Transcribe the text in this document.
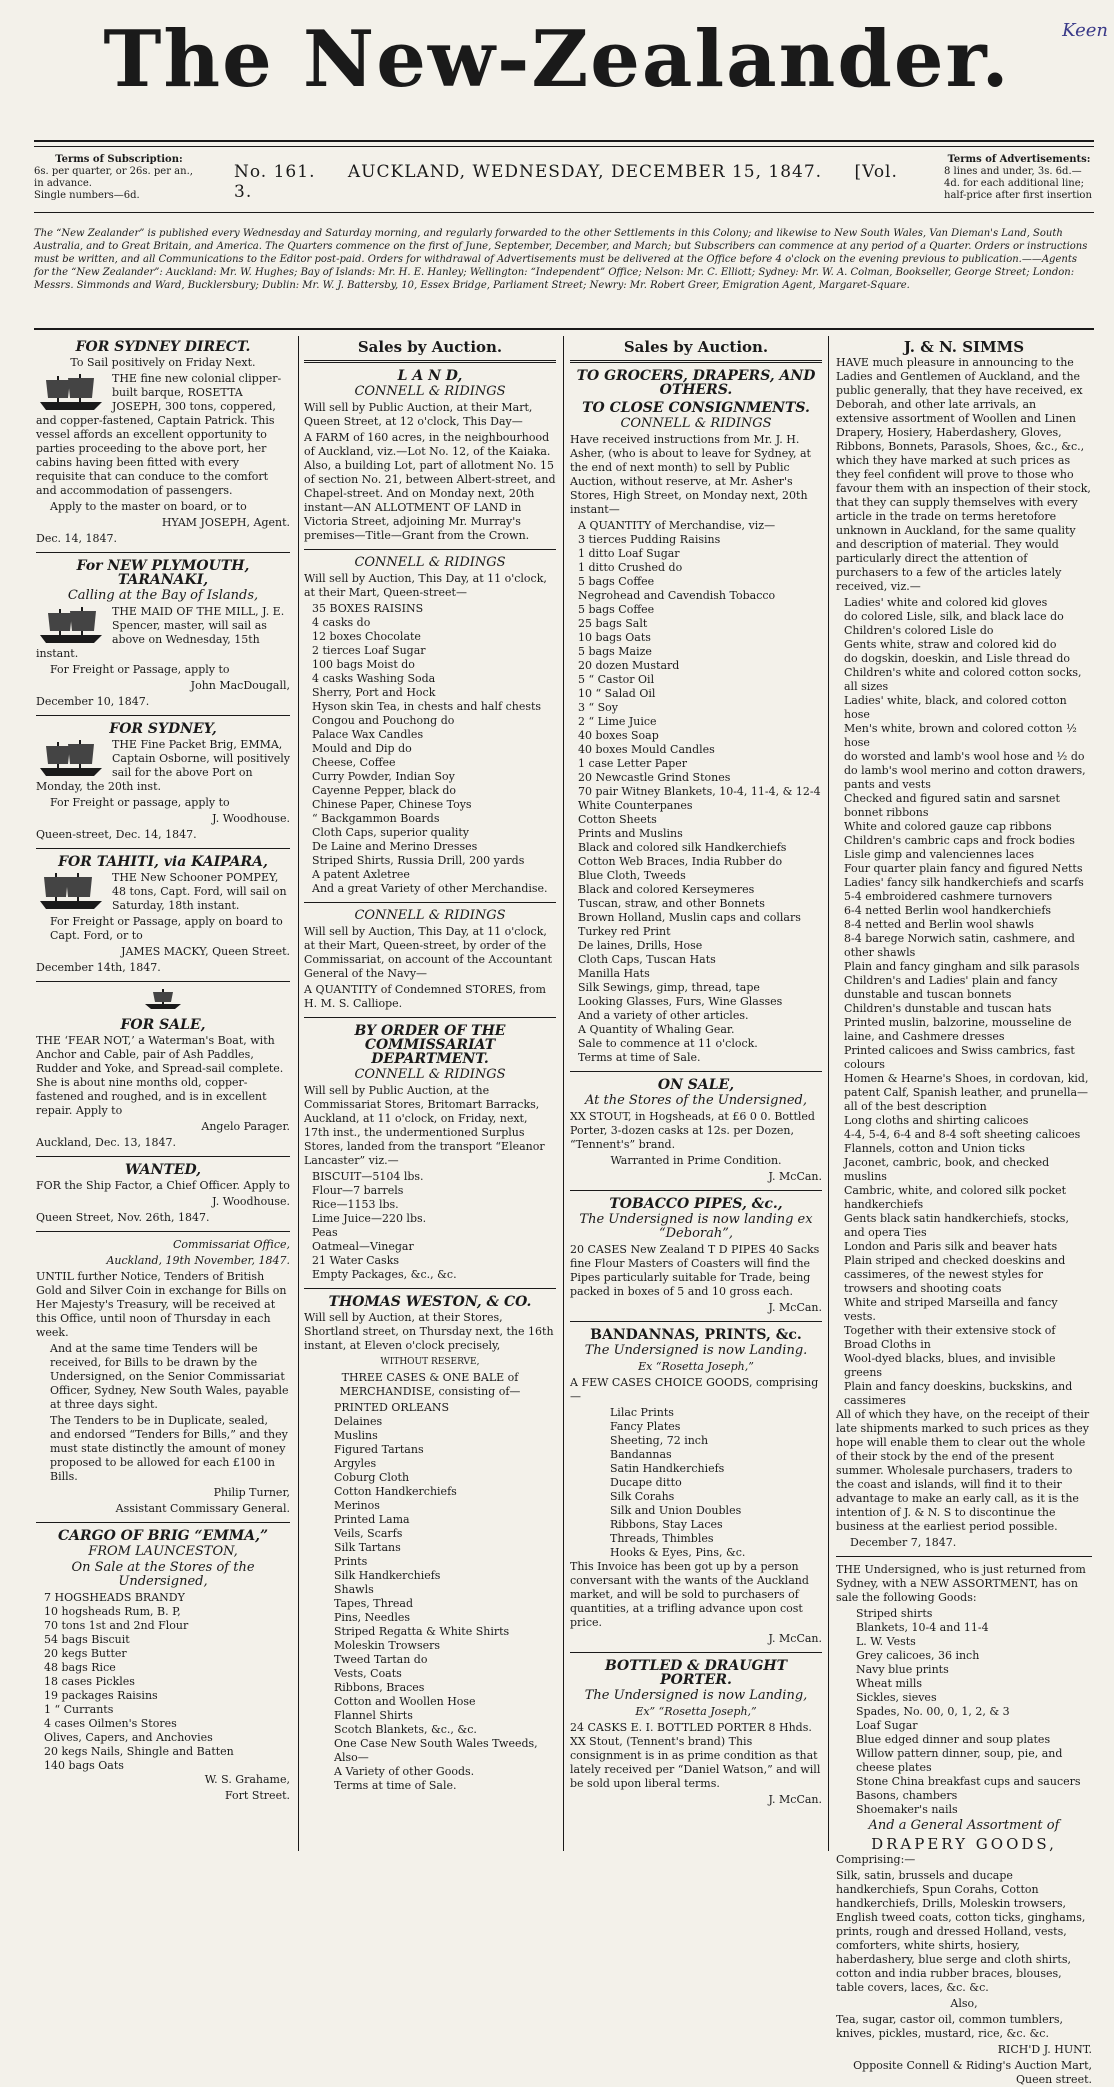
The New-Zealander.	Keen
Terms of Subscription:
6s. per quarter, or 26s. per an., in advance.
Single numbers—6d.
No. 161. AUCKLAND, WEDNESDAY, DECEMBER 15, 1847. [Vol. 3.
Terms of Advertisements:
8 lines and under, 3s. 6d.—4d. for each additional line; half-price after first insertion
The “New Zealander” is published every Wednesday and Saturday morning, and regularly forwarded to the other Settlements in this Colony; and likewise to New South Wales, Van Dieman's Land, South Australia, and to Great Britain, and America. The Quarters commence on the first of June, September, December, and March; but Subscribers can commence at any period of a Quarter. Orders or instructions must be written, and all Communications to the Editor post-paid. Orders for withdrawal of Advertisements must be delivered at the Office before 4 o'clock on the evening previous to publication.——Agents for the “New Zealander”: Auckland: Mr. W. Hughes; Bay of Islands: Mr. H. E. Hanley; Wellington: “Independent” Office; Nelson: Mr. C. Elliott; Sydney: Mr. W. A. Colman, Bookseller, George Street; London: Messrs. Simmonds and Ward, Bucklersbury; Dublin: Mr. W. J. Battersby, 10, Essex Bridge, Parliament Street; Newry: Mr. Robert Greer, Emigration Agent, Margaret-Square.
FOR SYDNEY DIRECT.

To Sail positively on Friday Next.

THE fine new colonial clipper-built barque, ROSETTA JOSEPH, 300 tons, coppered, and copper-fastened, Captain Patrick. This vessel affords an excellent opportunity to parties proceeding to the above port, her cabins having been fitted with every requisite that can conduce to the comfort and accommodation of passengers.

Apply to the master on board, or to

HYAM JOSEPH, Agent.

Dec. 14, 1847.

For NEW PLYMOUTH, TARANAKI,
Calling at the Bay of Islands,

THE MAID OF THE MILL, J. E. Spencer, master, will sail as above on Wednesday, 15th instant.

For Freight or Passage, apply to

John MacDougall,

December 10, 1847.

FOR SYDNEY,

THE Fine Packet Brig, EMMA, Captain Osborne, will positively sail for the above Port on Monday, the 20th inst.

For Freight or passage, apply to

J. Woodhouse.

Queen-street, Dec. 14, 1847.

FOR TAHITI, via KAIPARA,

THE New Schooner POMPEY, 48 tons, Capt. Ford, will sail on Saturday, 18th instant.

For Freight or Passage, apply on board to Capt. Ford, or to

JAMES MACKY, Queen Street.

December 14th, 1847.

FOR SALE,

THE ‘FEAR NOT,’ a Waterman's Boat, with Anchor and Cable, pair of Ash Paddles, Rudder and Yoke, and Spread-sail complete. She is about nine months old, copper-fastened and roughed, and is in excellent repair. Apply to

Angelo Parager.

Auckland, Dec. 13, 1847.

WANTED,

FOR the Ship Factor, a Chief Officer. Apply to

J. Woodhouse.

Queen Street, Nov. 26th, 1847.

Commissariat Office,

Auckland, 19th November, 1847.

UNTIL further Notice, Tenders of British Gold and Silver Coin in exchange for Bills on Her Majesty's Treasury, will be received at this Office, until noon of Thursday in each week.

And at the same time Tenders will be received, for Bills to be drawn by the Undersigned, on the Senior Commissariat Officer, Sydney, New South Wales, payable at three days sight.

The Tenders to be in Duplicate, sealed, and endorsed “Tenders for Bills,” and they must state distinctly the amount of money proposed to be allowed for each £100 in Bills.

Philip Turner,

Assistant Commissary General.

CARGO OF BRIG “EMMA,”
FROM LAUNCESTON,
On Sale at the Stores of the Undersigned,
7 HOGSHEADS BRANDY
10 hogsheads Rum, B. P,
70 tons 1st and 2nd Flour
54 bags Biscuit
20 kegs Butter
48 bags Rice
18 cases Pickles
19 packages Raisins
1 “ Currants
4 cases Oilmen's Stores
Olives, Capers, and Anchovies
20 kegs Nails, Shingle and Batten
140 bags Oats

W. S. Grahame,

Fort Street.

Sales by Auction.
L A N D,
CONNELL & RIDINGS

Will sell by Public Auction, at their Mart, Queen Street, at 12 o'clock, This Day—

A FARM of 160 acres, in the neighbourhood of Auckland, viz.—Lot No. 12, of the Kaiaka. Also, a building Lot, part of allotment No. 15 of section No. 21, between Albert-street, and Chapel-street. And on Monday next, 20th instant—AN ALLOTMENT OF LAND in Victoria Street, adjoining Mr. Murray's premises—Title—Grant from the Crown.

CONNELL & RIDINGS

Will sell by Auction, This Day, at 11 o'clock, at their Mart, Queen-street—

35 BOXES RAISINS
4 casks do
12 boxes Chocolate
2 tierces Loaf Sugar
100 bags Moist do
4 casks Washing Soda
Sherry, Port and Hock
Hyson skin Tea, in chests and half chests
Congou and Pouchong do
Palace Wax Candles
Mould and Dip do
Cheese, Coffee
Curry Powder, Indian Soy
Cayenne Pepper, black do
Chinese Paper, Chinese Toys
“ Backgammon Boards
Cloth Caps, superior quality
De Laine and Merino Dresses
Striped Shirts, Russia Drill, 200 yards
A patent Axletree
And a great Variety of other Merchandise.
CONNELL & RIDINGS

Will sell by Auction, This Day, at 11 o'clock, at their Mart, Queen-street, by order of the Commissariat, on account of the Accountant General of the Navy—

A QUANTITY of Condemned STORES, from H. M. S. Calliope.

BY ORDER OF THE COMMISSARIAT DEPARTMENT.
CONNELL & RIDINGS

Will sell by Public Auction, at the Commissariat Stores, Britomart Barracks, Auckland, at 11 o'clock, on Friday, next, 17th inst., the undermentioned Surplus Stores, landed from the transport “Eleanor Lancaster” viz.—

BISCUIT—5104 lbs.
Flour—7 barrels
Rice—1153 lbs.
Lime Juice—220 lbs.
Peas
Oatmeal—Vinegar
21 Water Casks
Empty Packages, &c., &c.
THOMAS WESTON, & CO.

Will sell by Auction, at their Stores, Shortland street, on Thursday next, the 16th instant, at Eleven o'clock precisely,

WITHOUT RESERVE,

THREE CASES & ONE BALE of MERCHANDISE, consisting of—

PRINTED ORLEANS
Delaines
Muslins
Figured Tartans
Argyles
Coburg Cloth
Cotton Handkerchiefs
Merinos
Printed Lama
Veils, Scarfs
Silk Tartans
Prints
Silk Handkerchiefs
Shawls
Tapes, Thread
Pins, Needles
Striped Regatta & White Shirts
Moleskin Trowsers
Tweed Tartan do
Vests, Coats
Ribbons, Braces
Cotton and Woollen Hose
Flannel Shirts
Scotch Blankets, &c., &c.
One Case New South Wales Tweeds,
Also—
A Variety of other Goods.
Terms at time of Sale.
Sales by Auction.
TO GROCERS, DRAPERS, AND OTHERS.
TO CLOSE CONSIGNMENTS.
CONNELL & RIDINGS

Have received instructions from Mr. J. H. Asher, (who is about to leave for Sydney, at the end of next month) to sell by Public Auction, without reserve, at Mr. Asher's Stores, High Street, on Monday next, 20th instant—

A QUANTITY of Merchandise, viz—
3 tierces Pudding Raisins
1 ditto Loaf Sugar
1 ditto Crushed do
5 bags Coffee
Negrohead and Cavendish Tobacco
5 bags Coffee
25 bags Salt
10 bags Oats
5 bags Maize
20 dozen Mustard
5 “ Castor Oil
10 “ Salad Oil
3 “ Soy
2 “ Lime Juice
40 boxes Soap
40 boxes Mould Candles
1 case Letter Paper
20 Newcastle Grind Stones
70 pair Witney Blankets, 10-4, 11-4, & 12-4
White Counterpanes
Cotton Sheets
Prints and Muslins
Black and colored silk Handkerchiefs
Cotton Web Braces, India Rubber do
Blue Cloth, Tweeds
Black and colored Kerseymeres
Tuscan, straw, and other Bonnets
Brown Holland, Muslin caps and collars
Turkey red Print
De laines, Drills, Hose
Cloth Caps, Tuscan Hats
Manilla Hats
Silk Sewings, gimp, thread, tape
Looking Glasses, Furs, Wine Glasses
And a variety of other articles.
A Quantity of Whaling Gear.
Sale to commence at 11 o'clock.
Terms at time of Sale.
ON SALE,
At the Stores of the Undersigned,

XX STOUT, in Hogsheads, at £6 0 0. Bottled Porter, 3-dozen casks at 12s. per Dozen, “Tennent's” brand.

Warranted in Prime Condition.

J. McCan.

TOBACCO PIPES, &c.,
The Undersigned is now landing ex “Deborah”,

20 CASES New Zealand T D PIPES 40 Sacks fine Flour Masters of Coasters will find the Pipes particularly suitable for Trade, being packed in boxes of 5 and 10 gross each.

J. McCan.

BANDANNAS, PRINTS, &c.
The Undersigned is now Landing.
Ex “Rosetta Joseph,”

A FEW CASES CHOICE GOODS, comprising—

Lilac Prints
Fancy Plates
Sheeting, 72 inch
Bandannas
Satin Handkerchiefs
Ducape ditto
Silk Corahs
Silk and Union Doubles
Ribbons, Stay Laces
Threads, Thimbles
Hooks & Eyes, Pins, &c.

This Invoice has been got up by a person conversant with the wants of the Auckland market, and will be sold to purchasers of quantities, at a trifling advance upon cost price.

J. McCan.

BOTTLED & DRAUGHT PORTER.
The Undersigned is now Landing,
Ex” “Rosetta Joseph,”

24 CASKS E. I. BOTTLED PORTER 8 Hhds. XX Stout, (Tennent's brand) This consignment is in as prime condition as that lately received per “Daniel Watson,” and will be sold upon liberal terms.

J. McCan.

J. & N. SIMMS

HAVE much pleasure in announcing to the Ladies and Gentlemen of Auckland, and the public generally, that they have received, ex Deborah, and other late arrivals, an extensive assortment of Woollen and Linen Drapery, Hosiery, Haberdashery, Gloves, Ribbons, Bonnets, Parasols, Shoes, &c., &c., which they have marked at such prices as they feel confident will prove to those who favour them with an inspection of their stock, that they can supply themselves with every article in the trade on terms heretofore unknown in Auckland, for the same quality and description of material. They would particularly direct the attention of purchasers to a few of the articles lately received, viz.—

Ladies' white and colored kid gloves
do colored Lisle, silk, and black lace do
Children's colored Lisle do
Gents white, straw and colored kid do
do dogskin, doeskin, and Lisle thread do
Children's white and colored cotton socks, all sizes
Ladies' white, black, and colored cotton hose
Men's white, brown and colored cotton ½ hose
do worsted and lamb's wool hose and ½ do
do lamb's wool merino and cotton drawers, pants and vests
Checked and figured satin and sarsnet bonnet ribbons
White and colored gauze cap ribbons
Children's cambric caps and frock bodies
Lisle gimp and valenciennes laces
Four quarter plain fancy and figured Netts
Ladies' fancy silk handkerchiefs and scarfs
5-4 embroidered cashmere turnovers
6-4 netted Berlin wool handkerchiefs
8-4 netted and Berlin wool shawls
8-4 barege Norwich satin, cashmere, and other shawls
Plain and fancy gingham and silk parasols
Children's and Ladies' plain and fancy dunstable and tuscan bonnets
Children's dunstable and tuscan hats
Printed muslin, balzorine, mousseline de laine, and Cashmere dresses
Printed calicoes and Swiss cambrics, fast colours
Homen & Hearne's Shoes, in cordovan, kid, patent Calf, Spanish leather, and prunella—all of the best description
Long cloths and shirting calicoes
4-4, 5-4, 6-4 and 8-4 soft sheeting calicoes
Flannels, cotton and Union ticks
Jaconet, cambric, book, and checked muslins
Cambric, white, and colored silk pocket handkerchiefs
Gents black satin handkerchiefs, stocks, and opera Ties
London and Paris silk and beaver hats
Plain striped and checked doeskins and cassimeres, of the newest styles for trowsers and shooting coats
White and striped Marseilla and fancy vests.
Together with their extensive stock of Broad Cloths in
Wool-dyed blacks, blues, and invisible greens
Plain and fancy doeskins, buckskins, and cassimeres

All of which they have, on the receipt of their late shipments marked to such prices as they hope will enable them to clear out the whole of their stock by the end of the present summer. Wholesale purchasers, traders to the coast and islands, will find it to their advantage to make an early call, as it is the intention of J. & N. S to discontinue the business at the earliest period possible.

December 7, 1847.

THE Undersigned, who is just returned from Sydney, with a NEW ASSORTMENT, has on sale the following Goods:

Striped shirts
Blankets, 10-4 and 11-4
L. W. Vests
Grey calicoes, 36 inch
Navy blue prints
Wheat mills
Sickles, sieves
Spades, No. 00, 0, 1, 2, & 3
Loaf Sugar
Blue edged dinner and soup plates
Willow pattern dinner, soup, pie, and cheese plates
Stone China breakfast cups and saucers
Basons, chambers
Shoemaker's nails
And a General Assortment of
DRAPERY GOODS,

Comprising:—

Silk, satin, brussels and ducape handkerchiefs, Spun Corahs, Cotton handkerchiefs, Drills, Moleskin trowsers, English tweed coats, cotton ticks, ginghams, prints, rough and dressed Holland, vests, comforters, white shirts, hosiery, haberdashery, blue serge and cloth shirts, cotton and india rubber braces, blouses, table covers, laces, &c. &c.

Also,

Tea, sugar, castor oil, common tumblers, knives, pickles, mustard, rice, &c. &c.

RICH'D J. HUNT.

Opposite Connell & Riding's Auction Mart, Queen street.
